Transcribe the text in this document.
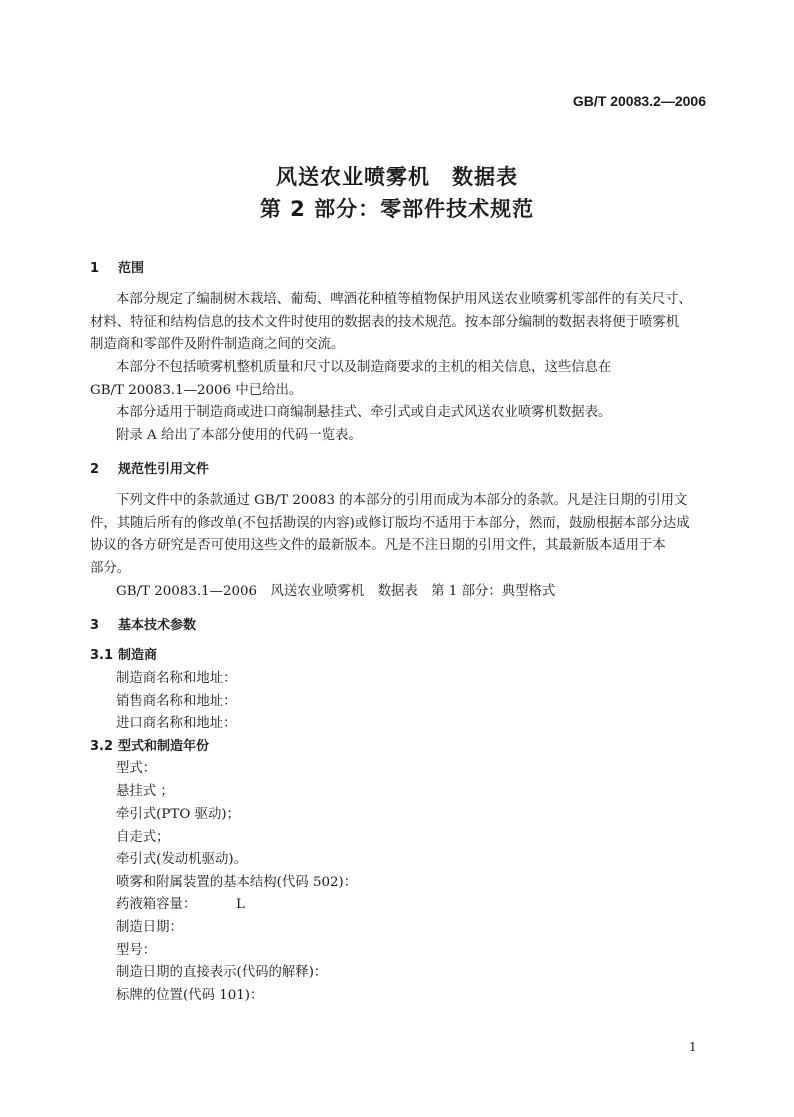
GB/T 20083.2—2006
风送农业喷雾机　数据表
第 2 部分：零部件技术规范
1 范围
本部分规定了编制树木栽培、葡萄、啤酒花种植等植物保护用风送农业喷雾机零部件的有关尺寸、
材料、特征和结构信息的技术文件时使用的数据表的技术规范。按本部分编制的数据表将便于喷雾机
制造商和零部件及附件制造商之间的交流。
本部分不包括喷雾机整机质量和尺寸以及制造商要求的主机的相关信息，这些信息在
GB/T 20083.1—2006 中已给出。
本部分适用于制造商或进口商编制悬挂式、牵引式或自走式风送农业喷雾机数据表。
附录 A 给出了本部分使用的代码一览表。
2 规范性引用文件
下列文件中的条款通过 GB/T 20083 的本部分的引用而成为本部分的条款。凡是注日期的引用文
件，其随后所有的修改单(不包括勘误的内容)或修订版均不适用于本部分，然而，鼓励根据本部分达成
协议的各方研究是否可使用这些文件的最新版本。凡是不注日期的引用文件，其最新版本适用于本
部分。
GB/T 20083.1—2006　风送农业喷雾机　数据表　第 1 部分：典型格式
3 基本技术参数
3.1 制造商
制造商名称和地址：
销售商名称和地址：
进口商名称和地址：
3.2 型式和制造年份
型式：
悬挂式 ；
牵引式(PTO 驱动)；
自走式；
牵引式(发动机驱动)。
喷雾和附属装置的基本结构(代码 502)：
药液箱容量：	L
制造日期：
型号：
制造日期的直接表示(代码的解释)：
标牌的位置(代码 101)：
1
